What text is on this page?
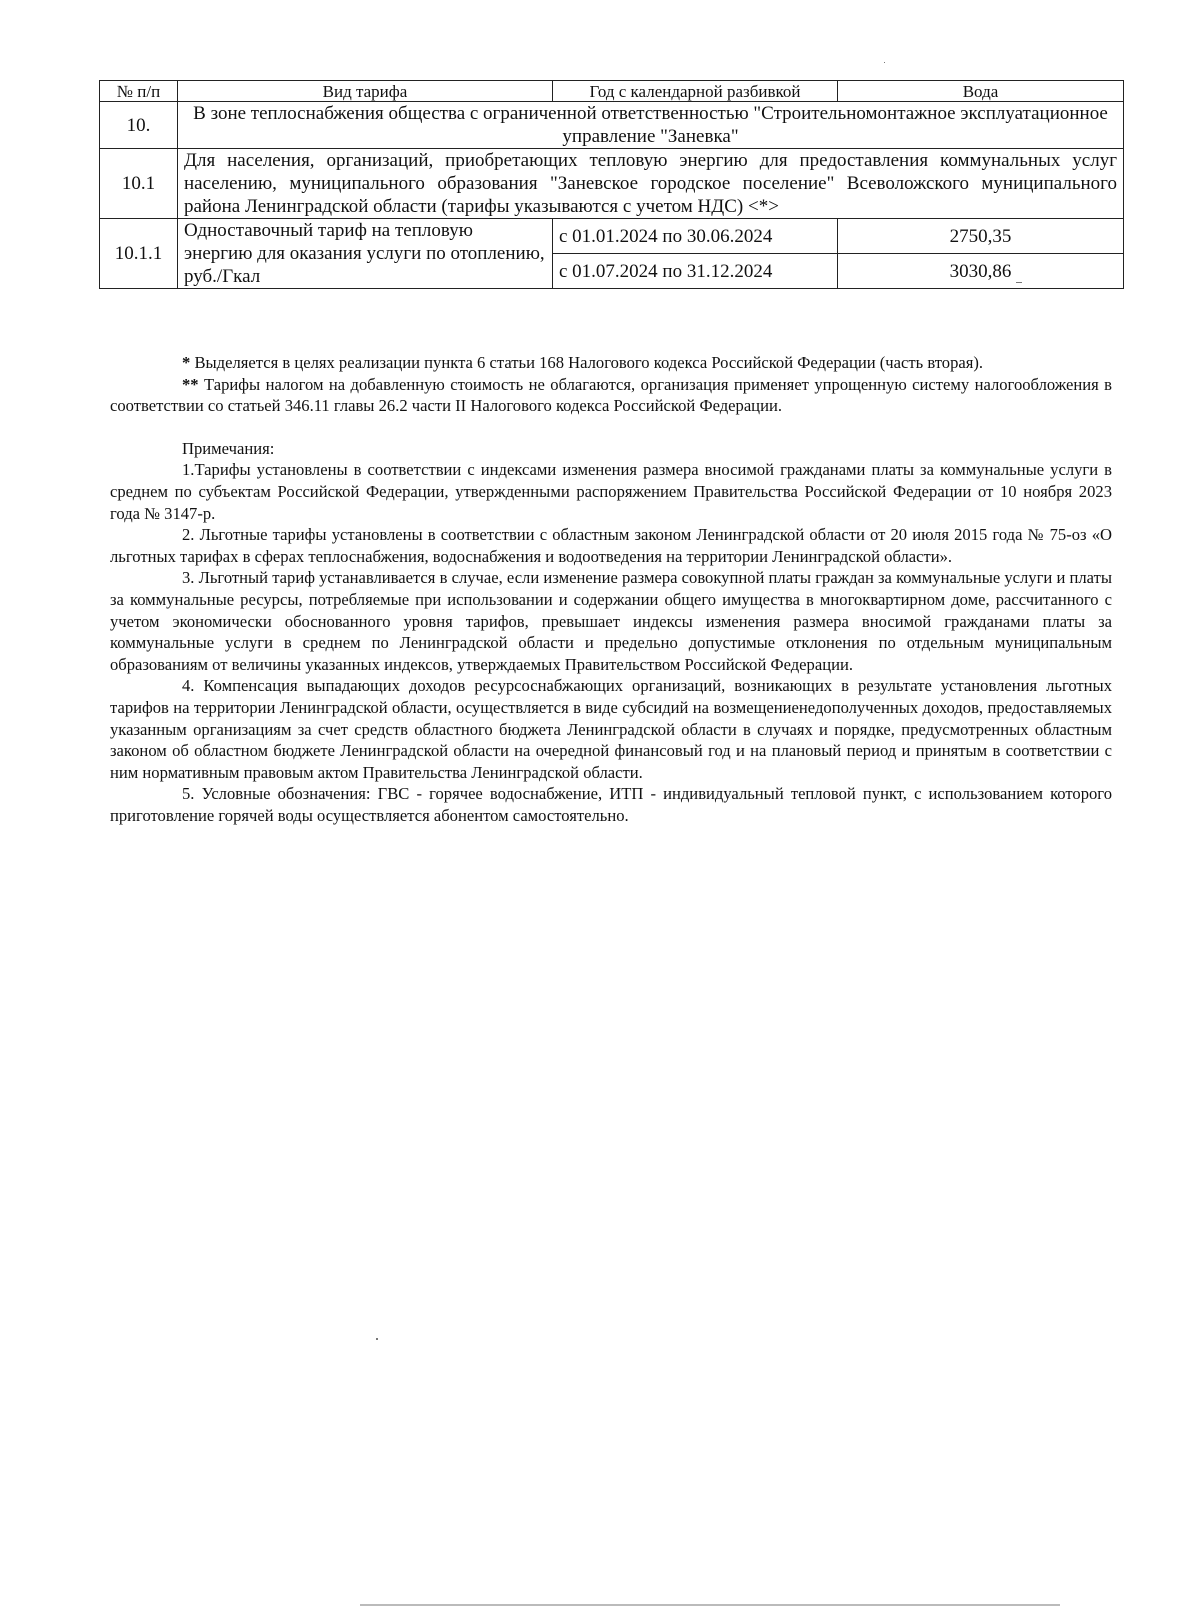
№ п/п	Вид тарифа	Год с календарной разбивкой	Вода
10.	В зоне теплоснабжения общества с ограниченной ответственностью "Строительномонтажное эксплуатационное управление "Заневка"		
10.1	Для населения, организаций, приобретающих тепловую энергию для предоставления коммунальных услуг населению, муниципального образования "Заневское городское поселение" Всеволожского муниципального района Ленинградской области (тарифы указываются с учетом НДС) <*>		
10.1.1	Одноставочный тариф на тепловую энергию для оказания услуги по отоплению, руб./Гкал	с 01.01.2024 по 30.06.2024	2750,35
		с 01.07.2024 по 31.12.2024	3030,86

* Выделяется в целях реализации пункта 6 статьи 168 Налогового кодекса Российской Федерации (часть вторая).

** Тарифы налогом на добавленную стоимость не облагаются, организация применяет упрощенную систему налогообложения в соответствии со статьей 346.11 главы 26.2 части II Налогового кодекса Российской Федерации.

Примечания:

1.Тарифы установлены в соответствии с индексами изменения размера вносимой гражданами платы за коммунальные услуги в среднем по субъектам Российской Федерации, утвержденными распоряжением Правительства Российской Федерации от 10 ноября 2023 года № 3147-р.

2. Льготные тарифы установлены в соответствии с областным законом Ленинградской области от 20 июля 2015 года № 75-оз «О льготных тарифах в сферах теплоснабжения, водоснабжения и водоотведения на территории Ленинградской области».

3. Льготный тариф устанавливается в случае, если изменение размера совокупной платы граждан за коммунальные услуги и платы за коммунальные ресурсы, потребляемые при использовании и содержании общего имущества в многоквартирном доме, рассчитанного с учетом экономически обоснованного уровня тарифов, превышает индексы изменения размера вносимой гражданами платы за коммунальные услуги в среднем по Ленинградской области и предельно допустимые отклонения по отдельным муниципальным образованиям от величины указанных индексов, утверждаемых Правительством Российской Федерации.

4. Компенсация выпадающих доходов ресурсоснабжающих организаций, возникающих в результате установления льготных тарифов на территории Ленинградской области, осуществляется в виде субсидий на возмещениенедополученных доходов, предоставляемых указанным организациям за счет средств областного бюджета Ленинградской области в случаях и порядке, предусмотренных областным законом об областном бюджете Ленинградской области на очередной финансовый год и на плановый период и принятым в соответствии с ним нормативным правовым актом Правительства Ленинградской области.

5. Условные обозначения: ГВС - горячее водоснабжение, ИТП - индивидуальный тепловой пункт, с использованием которого приготовление горячей воды осуществляется абонентом самостоятельно.
